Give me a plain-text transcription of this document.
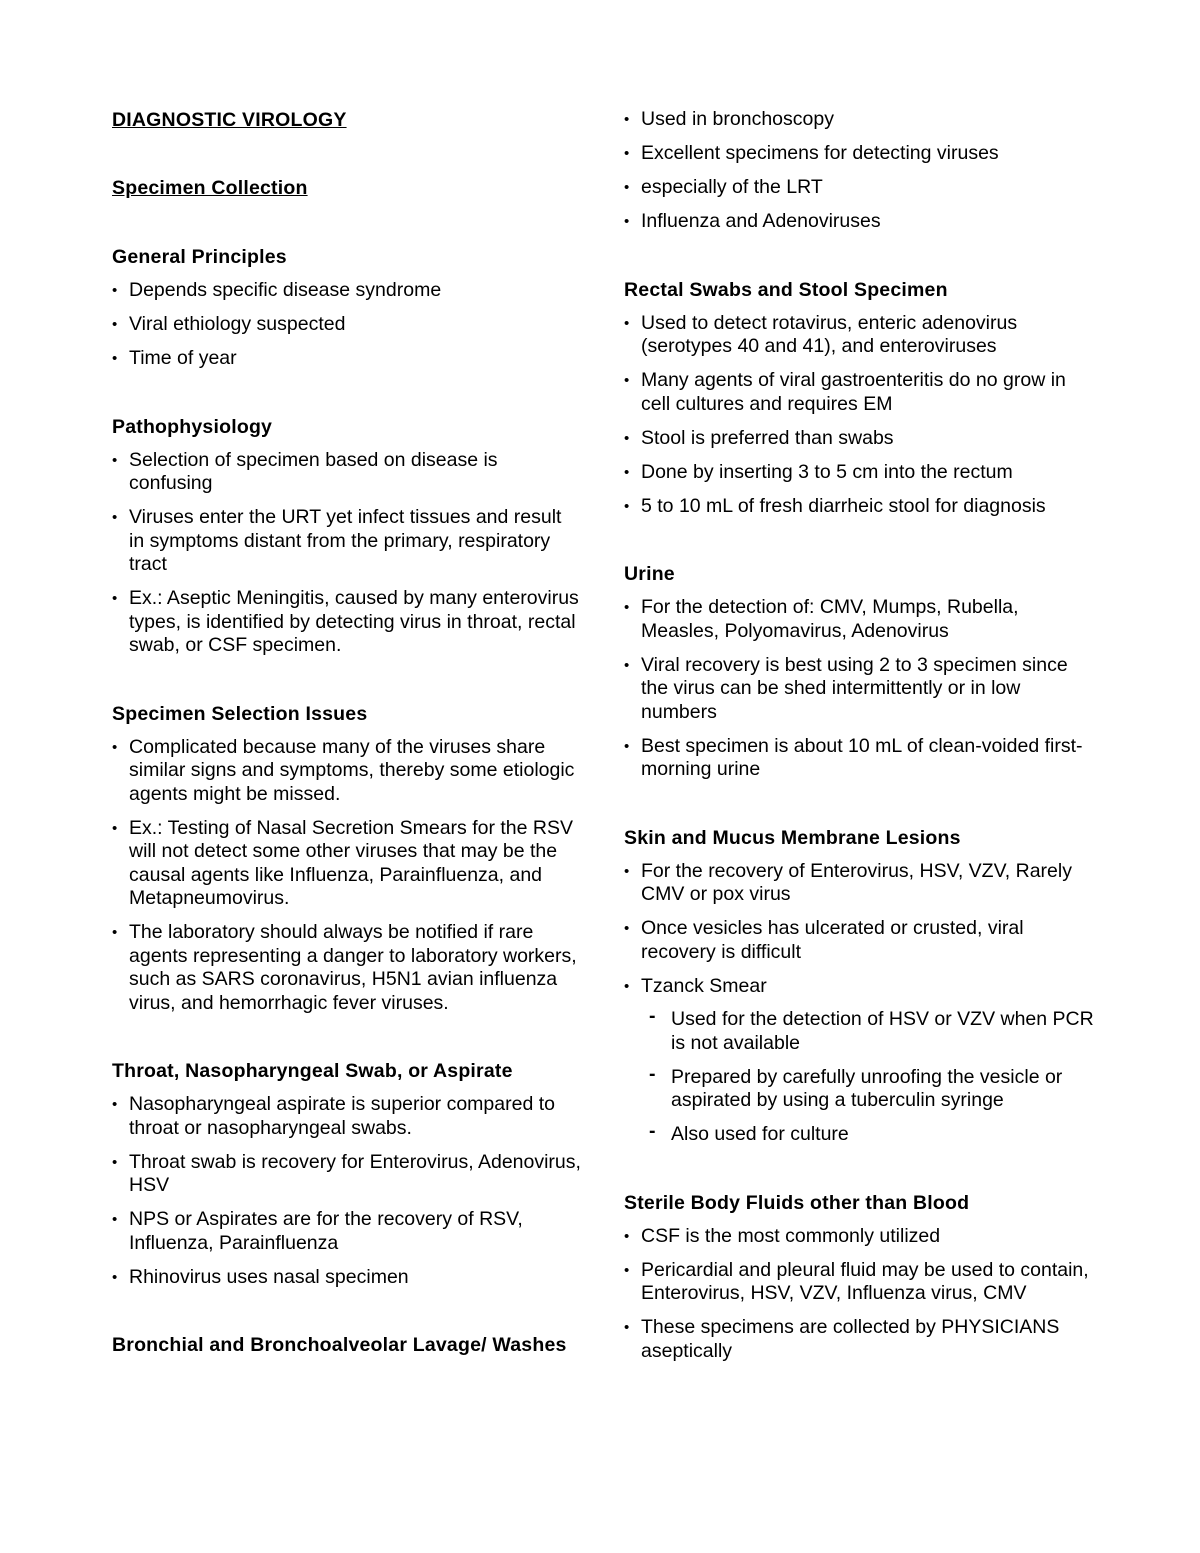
DIAGNOSTIC VIROLOGY
Specimen Collection
General Principles
• Depends specific disease syndrome
• Viral ethiology suspected
• Time of year
Pathophysiology
• Selection of specimen based on disease is confusing
• Viruses enter the URT yet infect tissues and result in symptoms distant from the primary, respiratory tract
• Ex.: Aseptic Meningitis, caused by many enterovirus types, is identified by detecting virus in throat, rectal swab, or CSF specimen.
Specimen Selection Issues
• Complicated because many of the viruses share similar signs and symptoms, thereby some etiologic agents might be missed.
• Ex.: Testing of Nasal Secretion Smears for the RSV will not detect some other viruses that may be the causal agents like Influenza, Parainfluenza, and Metapneumovirus.
• The laboratory should always be notified if rare agents representing a danger to laboratory workers, such as SARS coronavirus, H5N1 avian influenza virus, and hemorrhagic fever viruses.
Throat, Nasopharyngeal Swab, or Aspirate
• Nasopharyngeal aspirate is superior compared to throat or nasopharyngeal swabs.
• Throat swab is recovery for Enterovirus, Adenovirus, HSV
• NPS or Aspirates are for the recovery of RSV, Influenza, Parainfluenza
• Rhinovirus uses nasal specimen
Bronchial and Bronchoalveolar Lavage/ Washes
• Used in bronchoscopy
• Excellent specimens for detecting viruses
• especially of the LRT
• Influenza and Adenoviruses
Rectal Swabs and Stool Specimen
• Used to detect rotavirus, enteric adenovirus (serotypes 40 and 41), and enteroviruses
• Many agents of viral gastroenteritis do no grow in cell cultures and requires EM
• Stool is preferred than swabs
• Done by inserting 3 to 5 cm into the rectum
• 5 to 10 mL of fresh diarrheic stool for diagnosis
Urine
• For the detection of: CMV, Mumps, Rubella, Measles, Polyomavirus, Adenovirus
• Viral recovery is best using 2 to 3 specimen since the virus can be shed intermittently or in low numbers
• Best specimen is about 10 mL of clean-voided first-morning urine
Skin and Mucus Membrane Lesions
• For the recovery of Enterovirus, HSV, VZV, Rarely CMV or pox virus
• Once vesicles has ulcerated or crusted, viral recovery is difficult
• Tzanck Smear
- Used for the detection of HSV or VZV when PCR is not available
- Prepared by carefully unroofing the vesicle or aspirated by using a tuberculin syringe
- Also used for culture
Sterile Body Fluids other than Blood
• CSF is the most commonly utilized
• Pericardial and pleural fluid may be used to contain, Enterovirus, HSV, VZV, Influenza virus, CMV
• These specimens are collected by PHYSICIANS aseptically
